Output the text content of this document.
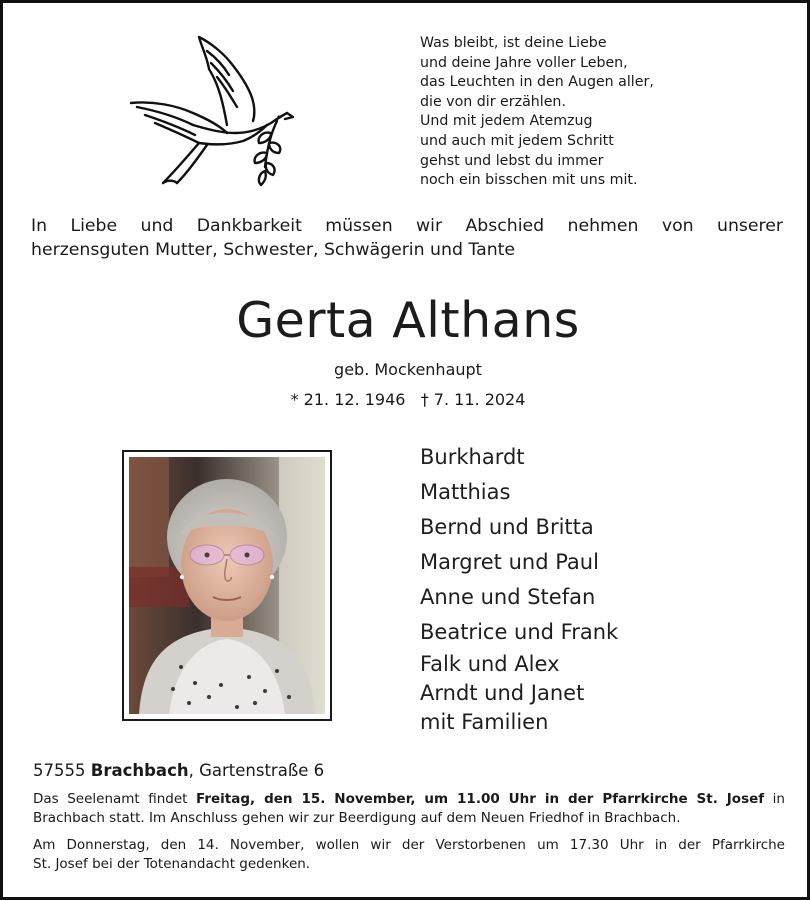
Was bleibt, ist deine Liebe
und deine Jahre voller Leben,
das Leuchten in den Augen aller,
die von dir erzählen.
Und mit jedem Atemzug
und auch mit jedem Schritt
gehst und lebst du immer
noch ein bisschen mit uns mit.
In Liebe und Dankbarkeit müssen wir Abschied nehmen von unserer
herzensguten Mutter, Schwester, Schwägerin und Tante
Gerta Althans
geb. Mockenhaupt
* 21. 12. 1946 † 7. 11. 2024
Burkhardt
Matthias
Bernd und Britta
Margret und Paul
Anne und Stefan
Beatrice und Frank
Falk und Alex
Arndt und Janet
mit Familien
57555 Brachbach, Gartenstraße 6
Das Seelenamt findet Freitag, den 15. November, um 11.00 Uhr in der Pfarrkirche St. Josef in
Brachbach statt. Im Anschluss gehen wir zur Beerdigung auf dem Neuen Friedhof in Brachbach.
Am Donnerstag, den 14. November, wollen wir der Verstorbenen um 17.30 Uhr in der Pfarrkirche
St. Josef bei der Totenandacht gedenken.
